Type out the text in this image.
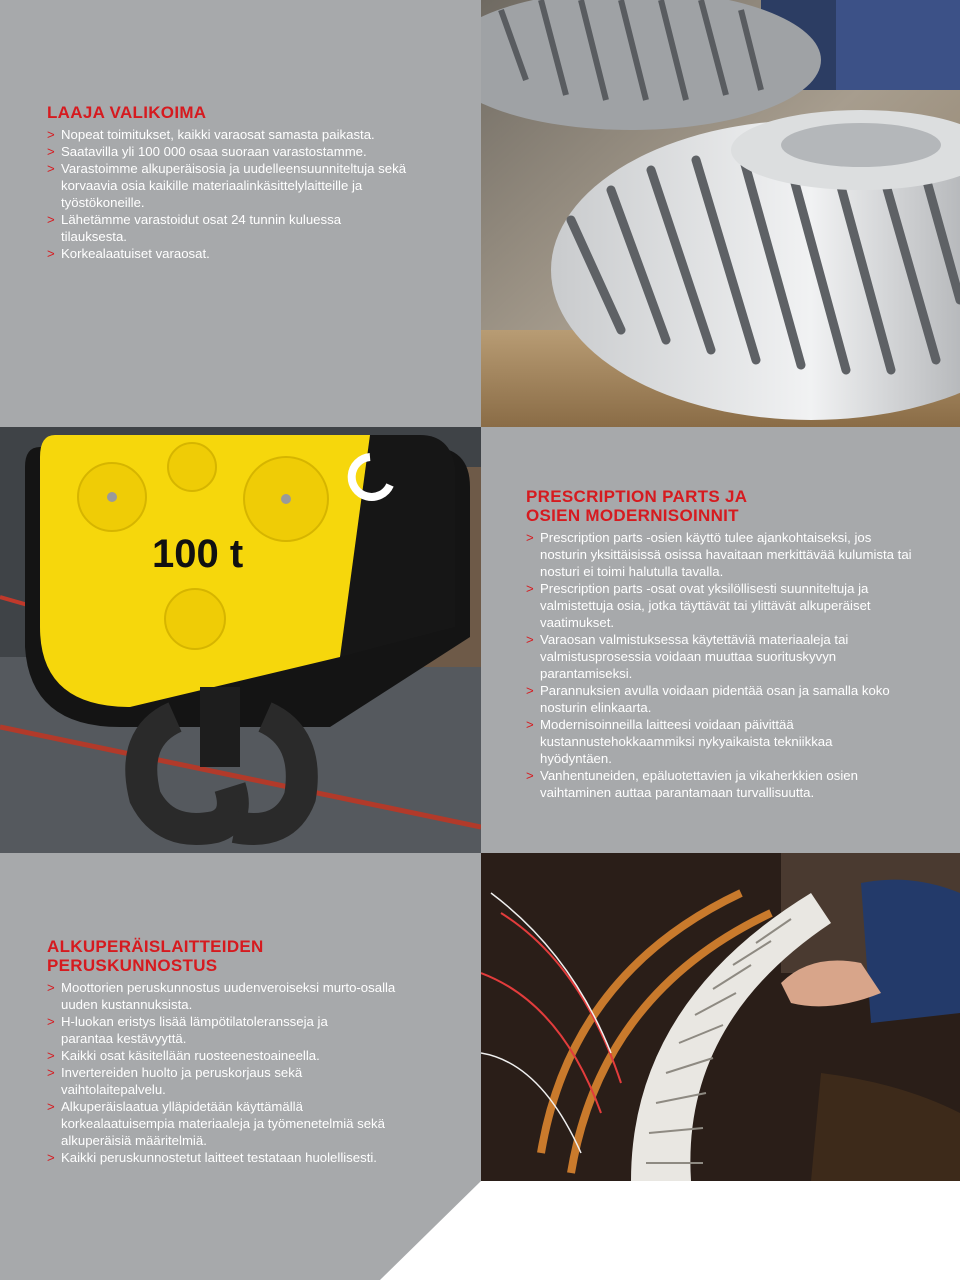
100 t
LAAJA VALIKOIMA
> Nopeat toimitukset, kaikki varaosat samasta paikasta.
> Saatavilla yli 100 000 osaa suoraan varastostamme.
> Varastoimme alkuperäisosia ja uudelleensuunniteltuja sekä korvaavia osia kaikille materiaalinkäsittelylaitteille ja työstökoneille.
> Lähetämme varastoidut osat 24 tunnin kuluessa tilauksesta.
> Korkealaatuiset varaosat.
PRESCRIPTION PARTS JA
OSIEN MODERNISOINNIT
> Prescription parts -osien käyttö tulee ajankohtaiseksi, jos nosturin yksittäisissä osissa havaitaan merkittävää kulumista tai nosturi ei toimi halutulla tavalla.
> Prescription parts -osat ovat yksilöllisesti suunniteltuja ja valmistettuja osia, jotka täyttävät tai ylittävät alkuperäiset vaatimukset.
> Varaosan valmistuksessa käytettäviä materiaaleja tai valmistusprosessia voidaan muuttaa suorituskyvyn parantamiseksi.
> Parannuksien avulla voidaan pidentää osan ja samalla koko nosturin elinkaarta.
> Modernisoinneilla laitteesi voidaan päivittää kustannustehokkaammiksi nykyaikaista tekniikkaa hyödyntäen.
> Vanhentuneiden, epäluotettavien ja vikaherkkien osien vaihtaminen auttaa parantamaan turvallisuutta.
ALKUPERÄISLAITTEIDEN
PERUSKUNNOSTUS
> Moottorien peruskunnostus uudenveroiseksi murto-osalla uuden kustannuksista.
> H-luokan eristys lisää lämpötilatoleransseja ja parantaa kestävyyttä.
> Kaikki osat käsitellään ruosteenestoaineella.
> Invertereiden huolto ja peruskorjaus sekä vaihtolaitepalvelu.
> Alkuperäislaatua ylläpidetään käyttämällä korkealaatuisempia materiaaleja ja työmenetelmiä sekä alkuperäisiä määritelmiä.
> Kaikki peruskunnostetut laitteet testataan huolellisesti.
